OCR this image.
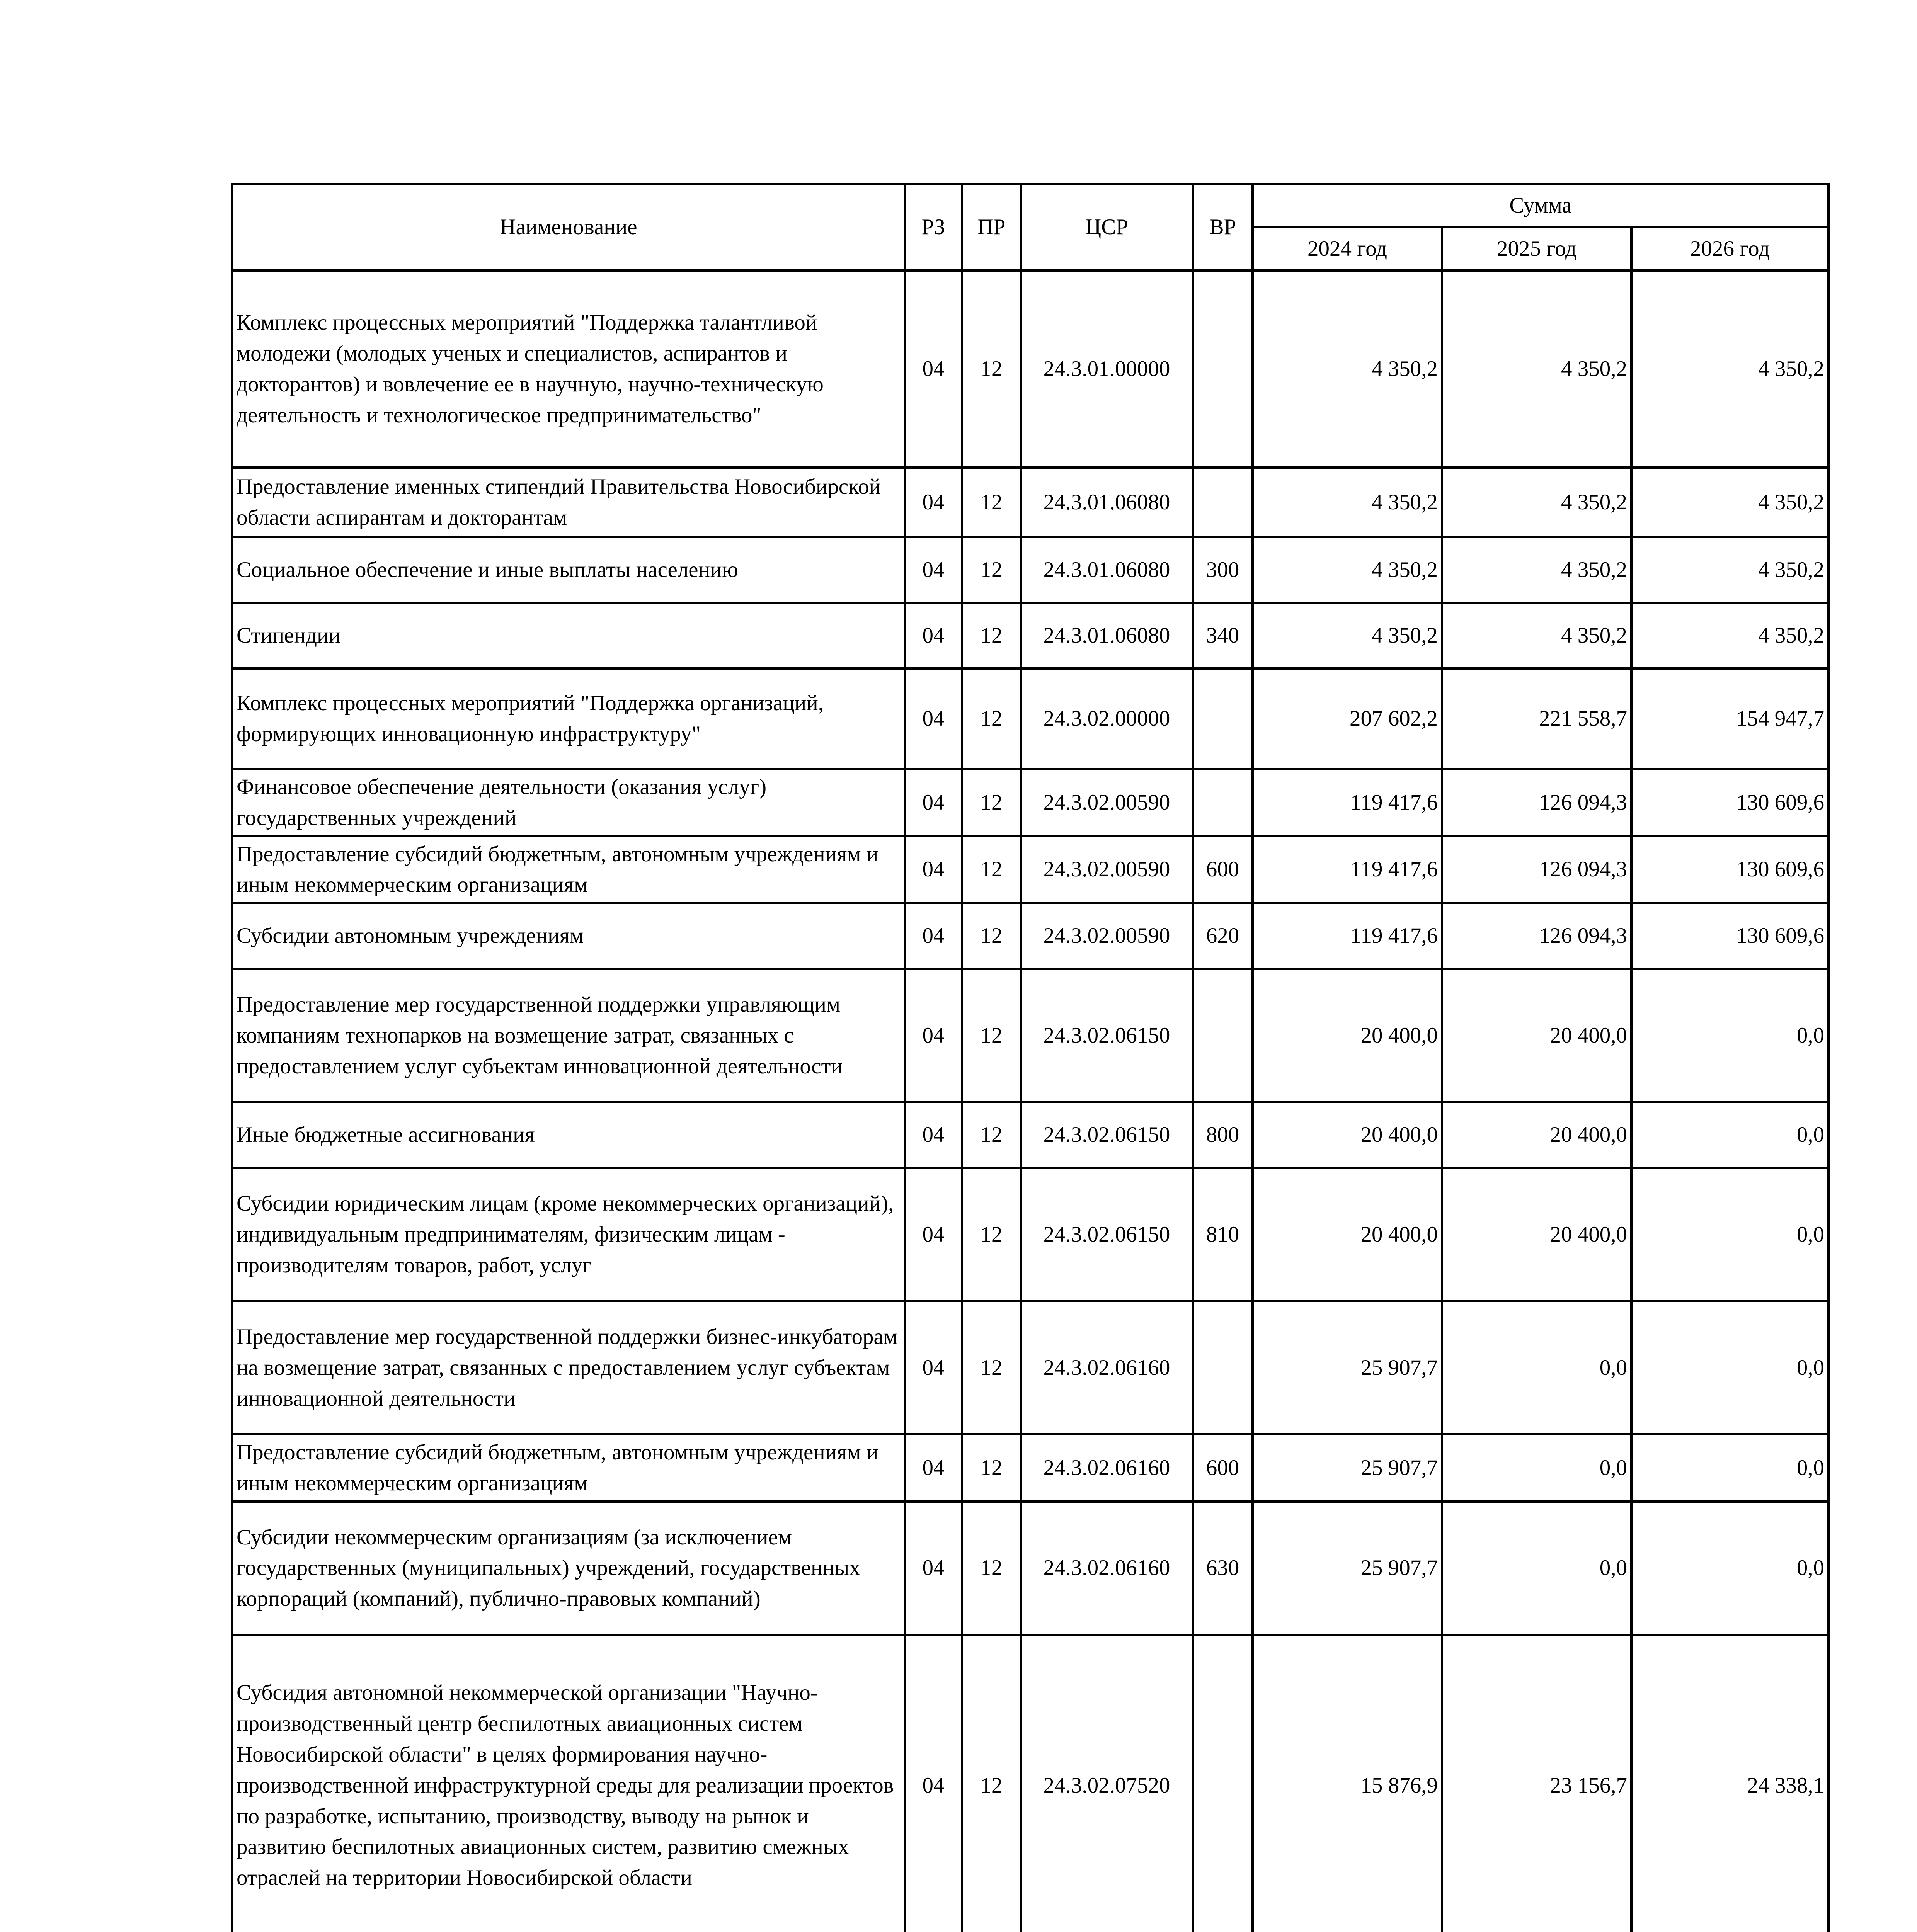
Наименование	РЗ	ПР	ЦСР	ВР	Сумма		
					2024 год	2025 год	2026 год
Комплекс процессных мероприятий "Поддержка талантливой молодежи (молодых ученых и специалистов, аспирантов и докторантов) и вовлечение ее в научную, научно-техническую деятельность и технологическое предпринимательство"	04	12	24.3.01.00000		4 350,2	4 350,2	4 350,2
Предоставление именных стипендий Правительства Новосибирской области аспирантам и докторантам	04	12	24.3.01.06080		4 350,2	4 350,2	4 350,2
Социальное обеспечение и иные выплаты населению	04	12	24.3.01.06080	300	4 350,2	4 350,2	4 350,2
Стипендии	04	12	24.3.01.06080	340	4 350,2	4 350,2	4 350,2
Комплекс процессных мероприятий "Поддержка организаций, формирующих инновационную инфраструктуру"	04	12	24.3.02.00000		207 602,2	221 558,7	154 947,7
Финансовое обеспечение деятельности (оказания услуг) государственных учреждений	04	12	24.3.02.00590		119 417,6	126 094,3	130 609,6
Предоставление субсидий бюджетным, автономным учреждениям и иным некоммерческим организациям	04	12	24.3.02.00590	600	119 417,6	126 094,3	130 609,6
Субсидии автономным учреждениям	04	12	24.3.02.00590	620	119 417,6	126 094,3	130 609,6
Предоставление мер государственной поддержки управляющим компаниям технопарков на возмещение затрат, связанных с предоставлением услуг субъектам инновационной деятельности	04	12	24.3.02.06150		20 400,0	20 400,0	0,0
Иные бюджетные ассигнования	04	12	24.3.02.06150	800	20 400,0	20 400,0	0,0
Субсидии юридическим лицам (кроме некоммерческих организаций), индивидуальным предпринимателям, физическим лицам - производителям товаров, работ, услуг	04	12	24.3.02.06150	810	20 400,0	20 400,0	0,0
Предоставление мер государственной поддержки бизнес-инкубаторам на возмещение затрат, связанных с предоставлением услуг субъектам инновационной деятельности	04	12	24.3.02.06160		25 907,7	0,0	0,0
Предоставление субсидий бюджетным, автономным учреждениям и иным некоммерческим организациям	04	12	24.3.02.06160	600	25 907,7	0,0	0,0
Субсидии некоммерческим организациям (за исключением государственных (муниципальных) учреждений, государственных корпораций (компаний), публично-правовых компаний)	04	12	24.3.02.06160	630	25 907,7	0,0	0,0
Субсидия автономной некоммерческой организации "Научно-производственный центр беспилотных авиационных систем Новосибирской области" в целях формирования научно-производственной инфраструктурной среды для реализации проектов по разработке, испытанию, производству, выводу на рынок и развитию беспилотных авиационных систем, развитию смежных отраслей на территории Новосибирской области	04	12	24.3.02.07520		15 876,9	23 156,7	24 338,1
